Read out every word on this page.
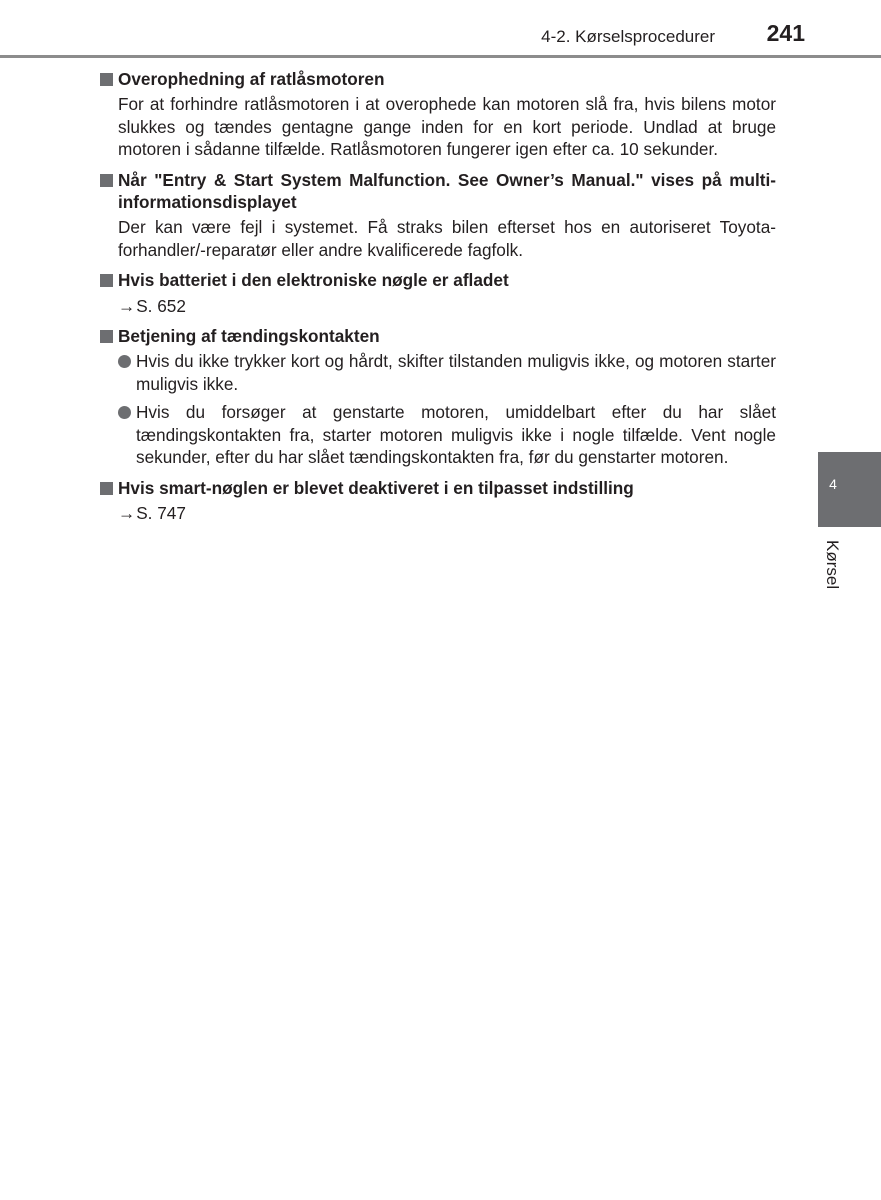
4-2. Kørselsprocedurer 241
Overophedning af ratlåsmotoren
For at forhindre ratlåsmotoren i at overophede kan motoren slå fra, hvis bilens motor slukkes og tændes gentagne gange inden for en kort periode. Undlad at bruge motoren i sådanne tilfælde. Ratlåsmotoren fungerer igen efter ca. 10 sekunder.
Når "Entry & Start System Malfunction. See Owner’s Manual." vises på multi-informationsdisplayet
Der kan være fejl i systemet. Få straks bilen efterset hos en autoriseret Toyota-forhandler/-reparatør eller andre kvalificerede fagfolk.
Hvis batteriet i den elektroniske nøgle er afladet
→S. 652
Betjening af tændingskontakten
Hvis du ikke trykker kort og hårdt, skifter tilstanden muligvis ikke, og motoren starter muligvis ikke.
Hvis du forsøger at genstarte motoren, umiddelbart efter du har slået tændingskontakten fra, starter motoren muligvis ikke i nogle tilfælde. Vent nogle sekunder, efter du har slået tændingskontakten fra, før du genstarter motoren.
Hvis smart-nøglen er blevet deaktiveret i en tilpasset indstilling
→S. 747
4
Kørsel
